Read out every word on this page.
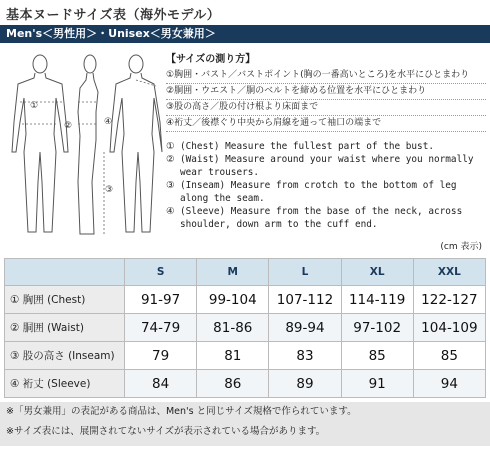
基本ヌードサイズ表（海外モデル）
Men's＜男性用＞・Unisex＜男女兼用＞
①
②
③
④
【サイズの測り方】
①胸囲・バスト／バストポイント(胸の一番高いところ)を水平にひとまわり
②胴囲・ウエスト／胴のベルトを締める位置を水平にひとまわり
③股の高さ／股の付け根より床面まで
④裄丈／後襟ぐり中央から肩線を通って袖口の端まで
① (Chest) Measure the fullest part of the bust.
② (Waist) Measure around your waist where you normally wear trousers.
③ (Inseam) Measure from crotch to the bottom of leg along the seam.
④ (Sleeve) Measure from the base of the neck, across shoulder, down arm to the cuff end.
(cm 表示)
	S	M	L	XL	XXL
① 胸囲 (Chest)	91-97	99-104	107-112	114-119	122-127
② 胴囲 (Waist)	74-79	81-86	89-94	97-102	104-109
③ 股の高さ (Inseam)	79	81	83	85	85
④ 裄丈 (Sleeve)	84	86	89	91	94
※「男女兼用」の表記がある商品は、Men's と同じサイズ規格で作られています。
※サイズ表には、展開されてないサイズが表示されている場合があります。
